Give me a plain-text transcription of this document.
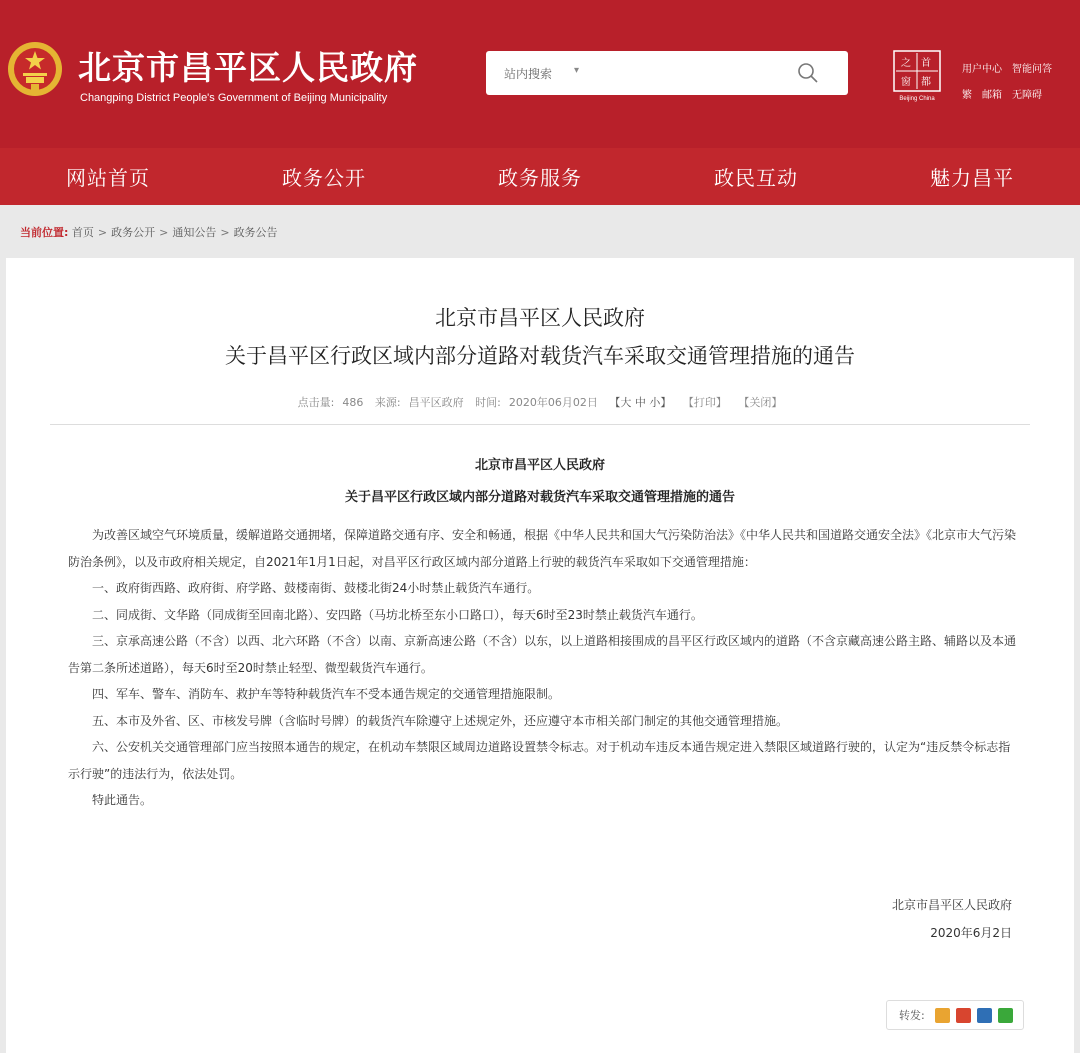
北京市昌平区人民政府
Changping District People's Government of Beijing Municipality
站内搜索 ▾
之 首
窗 都
Beijing China
用户中心 智能问答
繁 邮箱 无障碍
网站首页	政务公开	政务服务	政民互动	魅力昌平
当前位置: 首页 > 政务公开 > 通知公告 > 政务公告
北京市昌平区人民政府
关于昌平区行政区域内部分道路对载货汽车采取交通管理措施的通告
点击量: 486 来源: 昌平区政府 时间: 2020年06月02日 【大 中 小】 【打印】 【关闭】
北京市昌平区人民政府
关于昌平区行政区域内部分道路对载货汽车采取交通管理措施的通告

为改善区域空气环境质量，缓解道路交通拥堵，保障道路交通有序、安全和畅通，根据《中华人民共和国大气污染防治法》《中华人民共和国道路交通安全法》《北京市大气污染防治条例》，以及市政府相关规定，自2021年1月1日起，对昌平区行政区域内部分道路上行驶的载货汽车采取如下交通管理措施：

一、政府街西路、政府街、府学路、鼓楼南街、鼓楼北街24小时禁止载货汽车通行。

二、同成街、文华路（同成街至回南北路）、安四路（马坊北桥至东小口路口），每天6时至23时禁止载货汽车通行。

三、京承高速公路（不含）以西、北六环路（不含）以南、京新高速公路（不含）以东，以上道路相接围成的昌平区行政区域内的道路（不含京藏高速公路主路、辅路以及本通告第二条所述道路），每天6时至20时禁止轻型、微型载货汽车通行。

四、军车、警车、消防车、救护车等特种载货汽车不受本通告规定的交通管理措施限制。

五、本市及外省、区、市核发号牌（含临时号牌）的载货汽车除遵守上述规定外，还应遵守本市相关部门制定的其他交通管理措施。

六、公安机关交通管理部门应当按照本通告的规定，在机动车禁限区域周边道路设置禁令标志。对于机动车违反本通告规定进入禁限区域道路行驶的，认定为“违反禁令标志指示行驶”的违法行为，依法处罚。

特此通告。

北京市昌平区人民政府
2020年6月2日
转发:
